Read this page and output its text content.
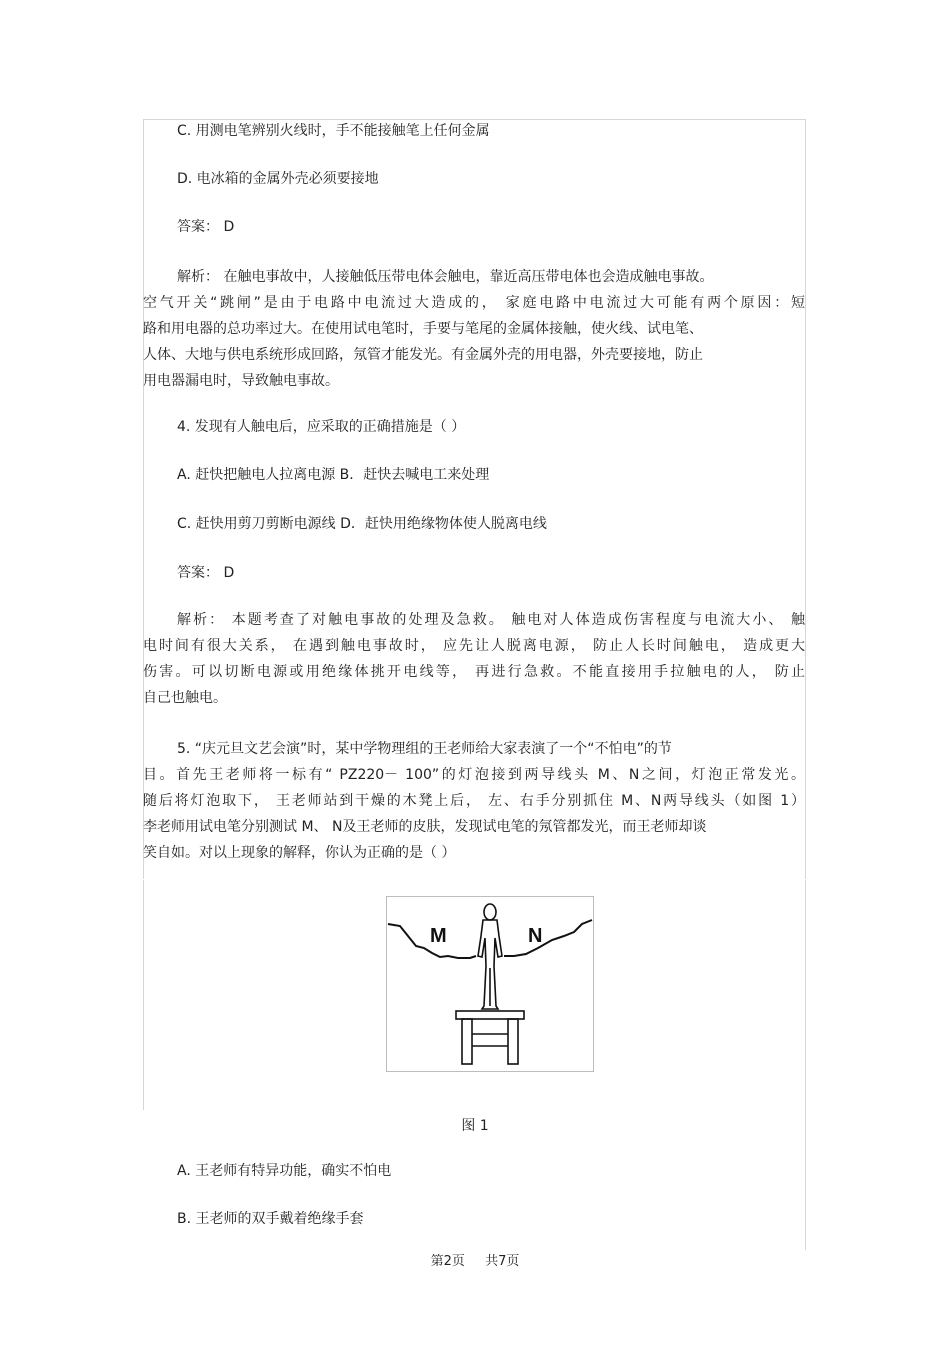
C. 用测电笔辨别火线时，手不能接触笔上任何金属
D. 电冰箱的金属外壳必须要接地
答案： D
解析： 在触电事故中，人接触低压带电体会触电，靠近高压带电体也会造成触电事故。
空气开关“跳闸”是由于电路中电流过大造成的， 家庭电路中电流过大可能有两个原因：短
路和用电器的总功率过大。在使用试电笔时，手要与笔尾的金属体接触，使火线、试电笔、
人体、大地与供电系统形成回路，氖管才能发光。有金属外壳的用电器，外壳要接地，防止
用电器漏电时，导致触电事故。
4. 发现有人触电后，应采取的正确措施是（ ）
A. 赶快把触电人拉离电源 B．赶快去喊电工来处理
C. 赶快用剪刀剪断电源线 D．赶快用绝缘物体使人脱离电线
答案： D
解析： 本题考查了对触电事故的处理及急救。 触电对人体造成伤害程度与电流大小、 触
电时间有很大关系， 在遇到触电事故时， 应先让人脱离电源， 防止人长时间触电， 造成更大
伤害。可以切断电源或用绝缘体挑开电线等， 再进行急救。不能直接用手拉触电的人， 防止
自己也触电。
5. “庆元旦文艺会演”时，某中学物理组的王老师给大家表演了一个“不怕电”的节
目。首先王老师将一标有“ PZ220－ 100”的灯泡接到两导线头 M、N之间，灯泡正常发光。
随后将灯泡取下， 王老师站到干燥的木凳上后， 左、右手分别抓住 M、N两导线头（如图 1）
李老师用试电笔分别测试 M、 N及王老师的皮肤，发现试电笔的氖管都发光，而王老师却谈
笑自如。对以上现象的解释，你认为正确的是（ ）
M	N
图 1
A. 王老师有特异功能，确实不怕电
B. 王老师的双手戴着绝缘手套
第2页 共7页
